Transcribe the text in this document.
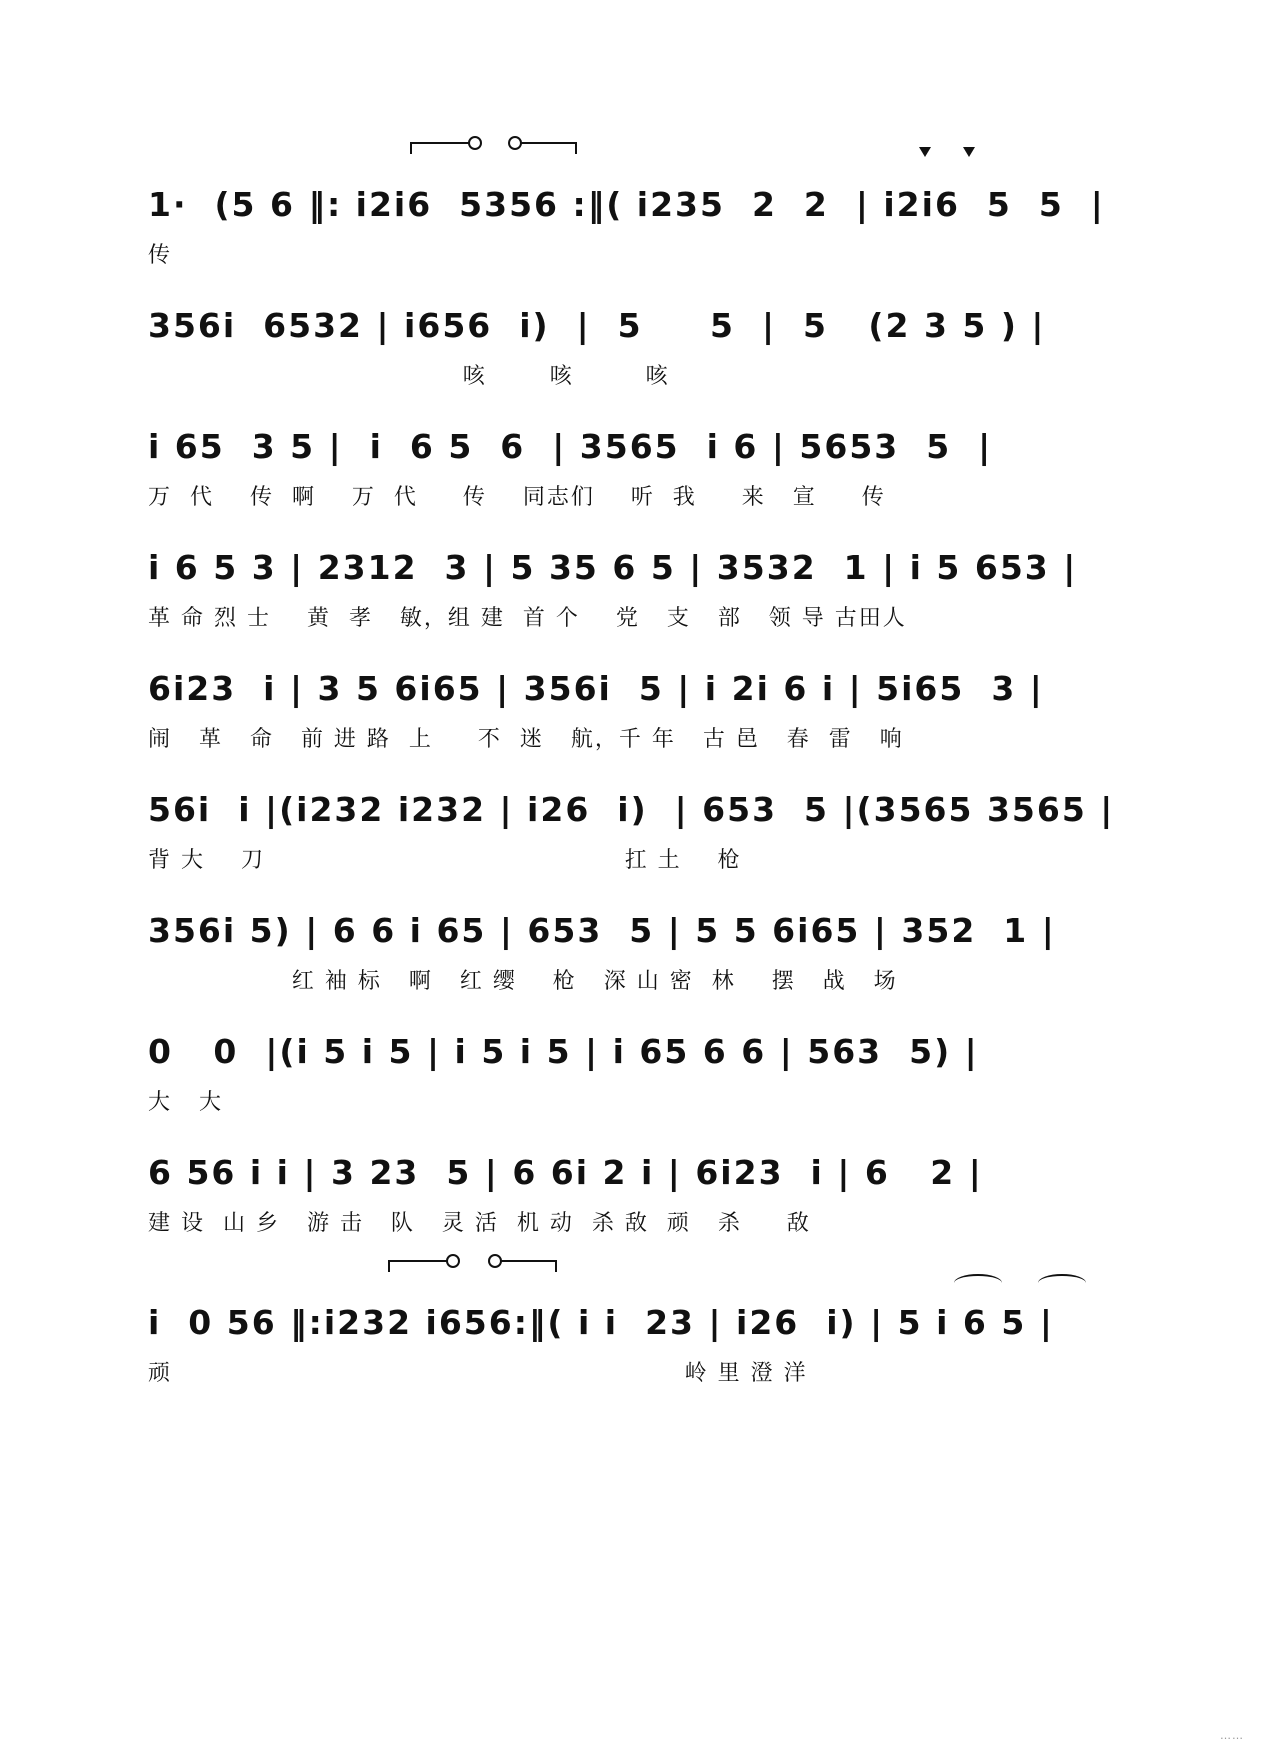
1·  (5 6 ‖: i2i6  5356 :‖( i235  2  2  | i2i6  5  5  |
传
356i  6532 | i656  i)  |  5     5  |  5   (2 3 5 ) |
咳       咳        咳
i 65  3 5 |  i  6 5  6  | 3565  i 6 | 5653  5  |
万  代    传  啊    万  代     传    同志们    听  我     来   宣     传
i 6 5 3 | 2312  3 | 5 35 6 5 | 3532  1 | i 5 653 |
革 命 烈 士    黄  孝   敏，组 建  首 个    党   支   部   领 导 古田人
6i23  i | 3 5 6i65 | 356i  5 | i 2i 6 i | 5i65  3 |
闹   革   命   前 进 路  上     不  迷   航，千 年   古 邑   春  雷   响
56i  i |(i232 i232 | i26  i)  | 653  5 |(3565 3565 |
背 大    刀                                        扛 土    枪
356i 5) | 6 6 i 65 | 653  5 | 5 5 6i65 | 352  1 |
红 袖 标   啊   红 缨    枪   深 山 密  林    摆   战   场
0   0  |(i 5 i 5 | i 5 i 5 | i 65 6 6 | 563  5) |
大   大
6 56 i i | 3 23  5 | 6 6i 2 i | 6i23  i | 6   2 |
建 设  山 乡   游 击   队   灵 活  机 动  杀 敌  顽   杀     敌
i  0 56 ‖:i232 i656:‖( i i  23 | i26  i) | 5 i 6 5 |
顽                                                         岭 里 澄 洋
……
